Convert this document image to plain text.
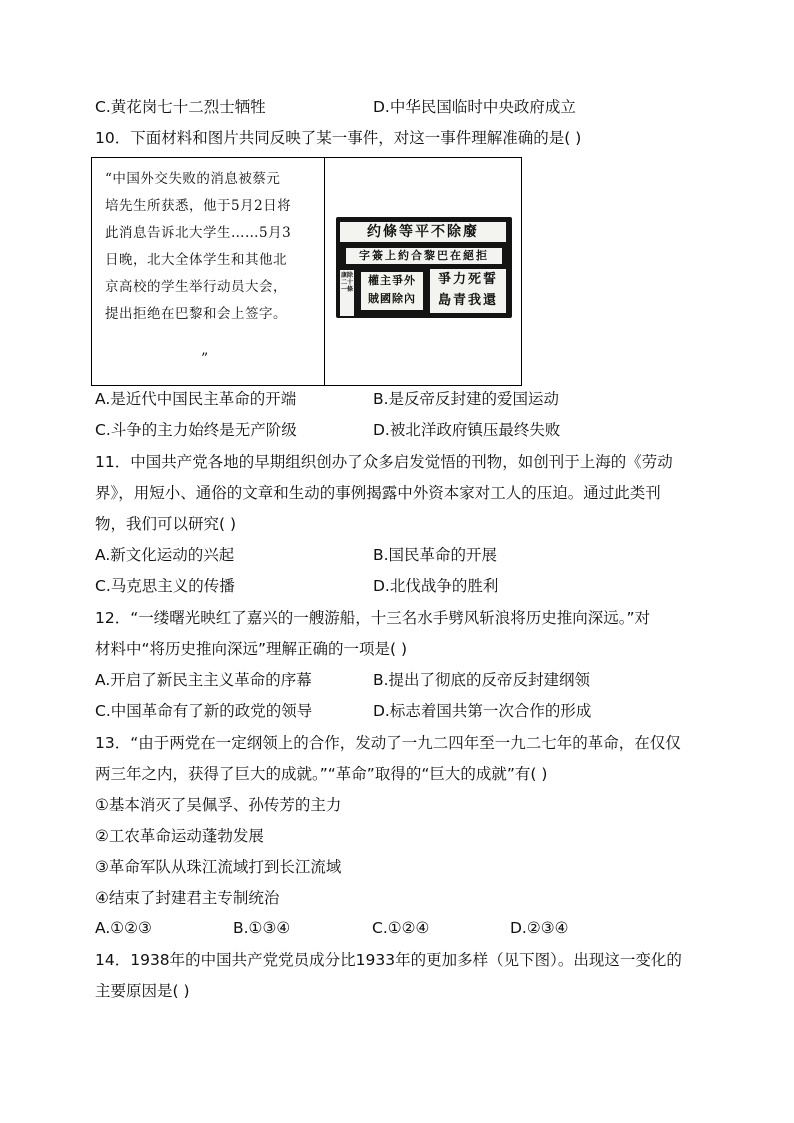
C.黄花岗七十二烈士牺牲	D.中华民国临时中央政府成立
10．下面材料和图片共同反映了某一事件，对这一事件理解准确的是( )
“中国外交失败的消息被蔡元
培先生所获悉，他于5月2日将
此消息告诉北大学生……5月3
日晚，北大全体学生和其他北
京高校的学生举行动员大会，
提出拒绝在巴黎和会上签字。
”
约條等平不除廢
字簽上約合黎巴在絕拒
康除二十一條
權主爭外 賊國除內
爭力死誓 島青我還
A.是近代中国民主革命的开端	B.是反帝反封建的爱国运动
C.斗争的主力始终是无产阶级	D.被北洋政府镇压最终失败
11．中国共产党各地的早期组织创办了众多启发觉悟的刊物，如创刊于上海的《劳动
界》，用短小、通俗的文章和生动的事例揭露中外资本家对工人的压迫。通过此类刊
物，我们可以研究( )
A.新文化运动的兴起	B.国民革命的开展
C.马克思主义的传播	D.北伐战争的胜利
12．“一缕曙光映红了嘉兴的一艘游船，十三名水手劈风斩浪将历史推向深远。”对
材料中“将历史推向深远”理解正确的一项是( )
A.开启了新民主主义革命的序幕	B.提出了彻底的反帝反封建纲领
C.中国革命有了新的政党的领导	D.标志着国共第一次合作的形成
13．“由于两党在一定纲领上的合作，发动了一九二四年至一九二七年的革命，在仅仅
两三年之内，获得了巨大的成就。”“革命”取得的“巨大的成就”有( )
①基本消灭了吴佩孚、孙传芳的主力
②工农革命运动蓬勃发展
③革命军队从珠江流域打到长江流域
④结束了封建君主专制统治
A.①②③	B.①③④	C.①②④	D.②③④
14．1938年的中国共产党党员成分比1933年的更加多样（见下图）。出现这一变化的
主要原因是( )
